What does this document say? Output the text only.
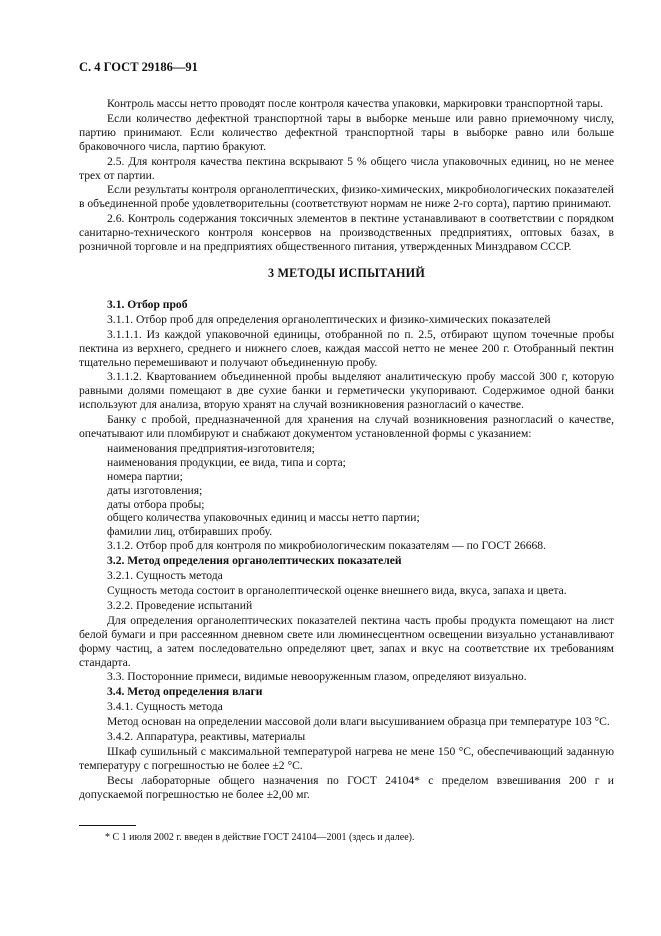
С. 4 ГОСТ 29186—91

Контроль массы нетто проводят после контроля качества упаковки, маркировки транспортной тары.

Если количество дефектной транспортной тары в выборке меньше или равно приемочному числу, партию принимают. Если количество дефектной транспортной тары в выборке равно или больше браковочного числа, партию бракуют.

2.5. Для контроля качества пектина вскрывают 5 % общего числа упаковочных единиц, но не менее трех от партии.

Если результаты контроля органолептических, физико-химических, микробиологических показателей в объединенной пробе удовлетворительны (соответствуют нормам не ниже 2-го сорта), партию принимают.

2.6. Контроль содержания токсичных элементов в пектине устанавливают в соответствии с порядком санитарно-технического контроля консервов на производственных предприятиях, оптовых базах, в розничной торговле и на предприятиях общественного питания, утвержденных Минздравом СССР.

3 МЕТОДЫ ИСПЫТАНИЙ

3.1. Отбор проб

3.1.1. Отбор проб для определения органолептических и физико-химических показателей

3.1.1.1. Из каждой упаковочной единицы, отобранной по п. 2.5, отбирают щупом точечные пробы пектина из верхнего, среднего и нижнего слоев, каждая массой нетто не менее 200 г. Отобранный пектин тщательно перемешивают и получают объединенную пробу.

3.1.1.2. Квартованием объединенной пробы выделяют аналитическую пробу массой 300 г, которую равными долями помещают в две сухие банки и герметически укупоривают. Содержимое одной банки используют для анализа, вторую хранят на случай возникновения разногласий о качестве.

Банку с пробой, предназначенной для хранения на случай возникновения разногласий о качестве, опечатывают или пломбируют и снабжают документом установленной формы с указанием:

наименования предприятия-изготовителя;

наименования продукции, ее вида, типа и сорта;

номера партии;

даты изготовления;

даты отбора пробы;

общего количества упаковочных единиц и массы нетто партии;

фамилии лиц, отбиравших пробу.

3.1.2. Отбор проб для контроля по микробиологическим показателям — по ГОСТ 26668.

3.2. Метод определения органолептических показателей

3.2.1. Сущность метода

Сущность метода состоит в органолептической оценке внешнего вида, вкуса, запаха и цвета.

3.2.2. Проведение испытаний

Для определения органолептических показателей пектина часть пробы продукта помещают на лист белой бумаги и при рассеянном дневном свете или люминесцентном освещении визуально устанавливают форму частиц, а затем последовательно определяют цвет, запах и вкус на соответствие их требованиям стандарта.

3.3. Посторонние примеси, видимые невооруженным глазом, определяют визуально.

3.4. Метод определения влаги

3.4.1. Сущность метода

Метод основан на определении массовой доли влаги высушиванием образца при температуре 103 °С.

3.4.2. Аппаратура, реактивы, материалы

Шкаф сушильный с максимальной температурой нагрева не мене 150 °С, обеспечивающий заданную температуру с погрешностью не более ±2 °С.

Весы лабораторные общего назначения по ГОСТ 24104* с пределом взвешивания 200 г и допускаемой погрешностью не более ±2,00 мг.

* С 1 июля 2002 г. введен в действие ГОСТ 24104—2001 (здесь и далее).
